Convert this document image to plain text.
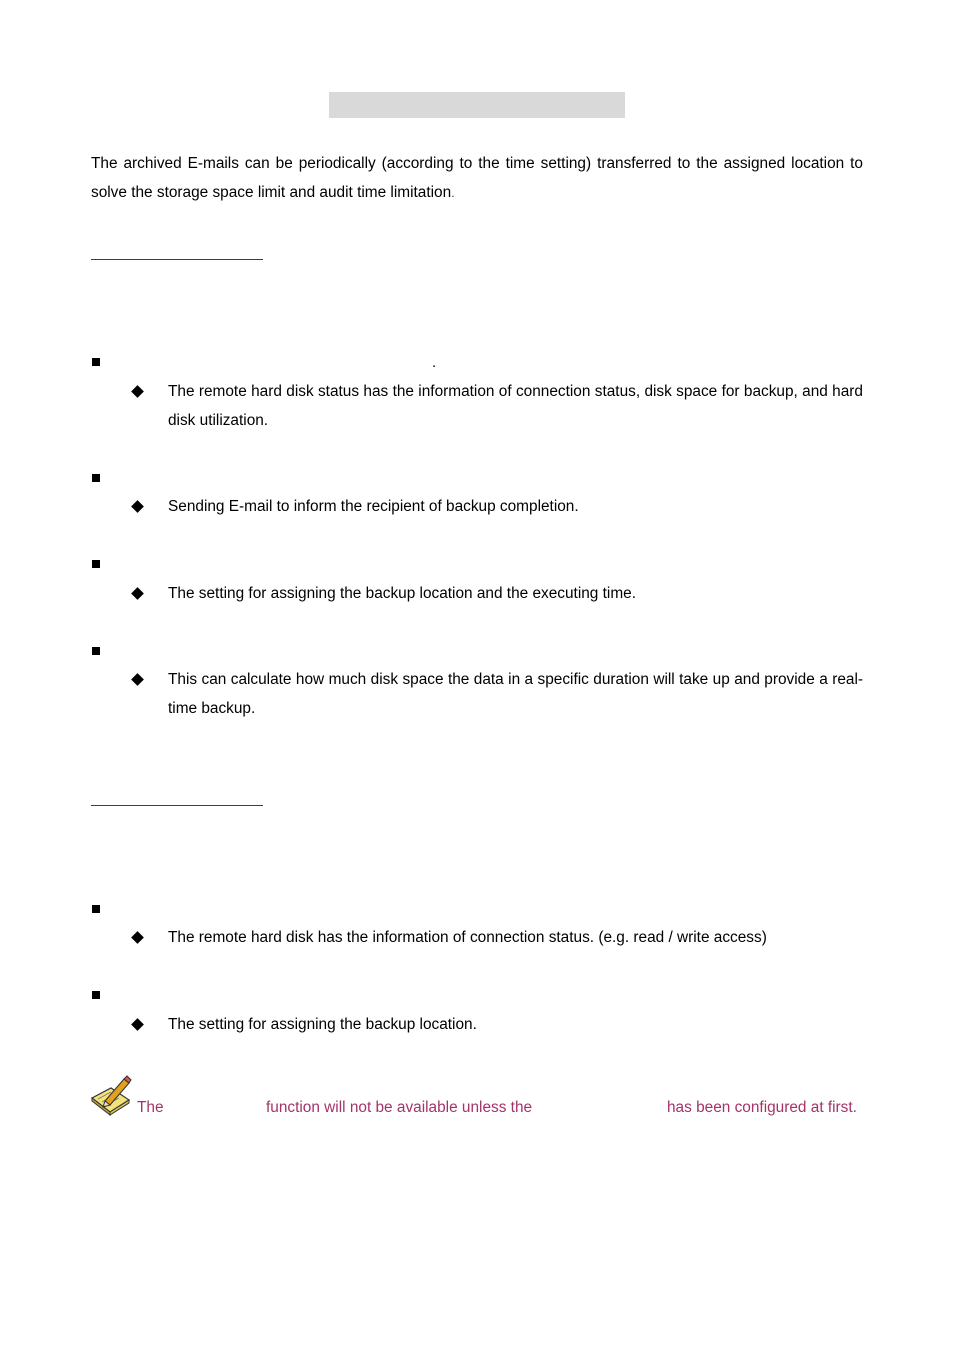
The archived E-mails can be periodically (according to the time setting) transferred to the assigned location to solve the storage space limit and audit time limitation.
.
The remote hard disk status has the information of connection status, disk space for backup, and hard disk utilization.
Sending E-mail to inform the recipient of backup completion.
The setting for assigning the backup location and the executing time.
This can calculate how much disk space the data in a specific duration will take up and provide a real-time backup.
The remote hard disk has the information of connection status. (e.g. read / write access)
The setting for assigning the backup location.
The	function will not be available unless the	has been configured at first.
